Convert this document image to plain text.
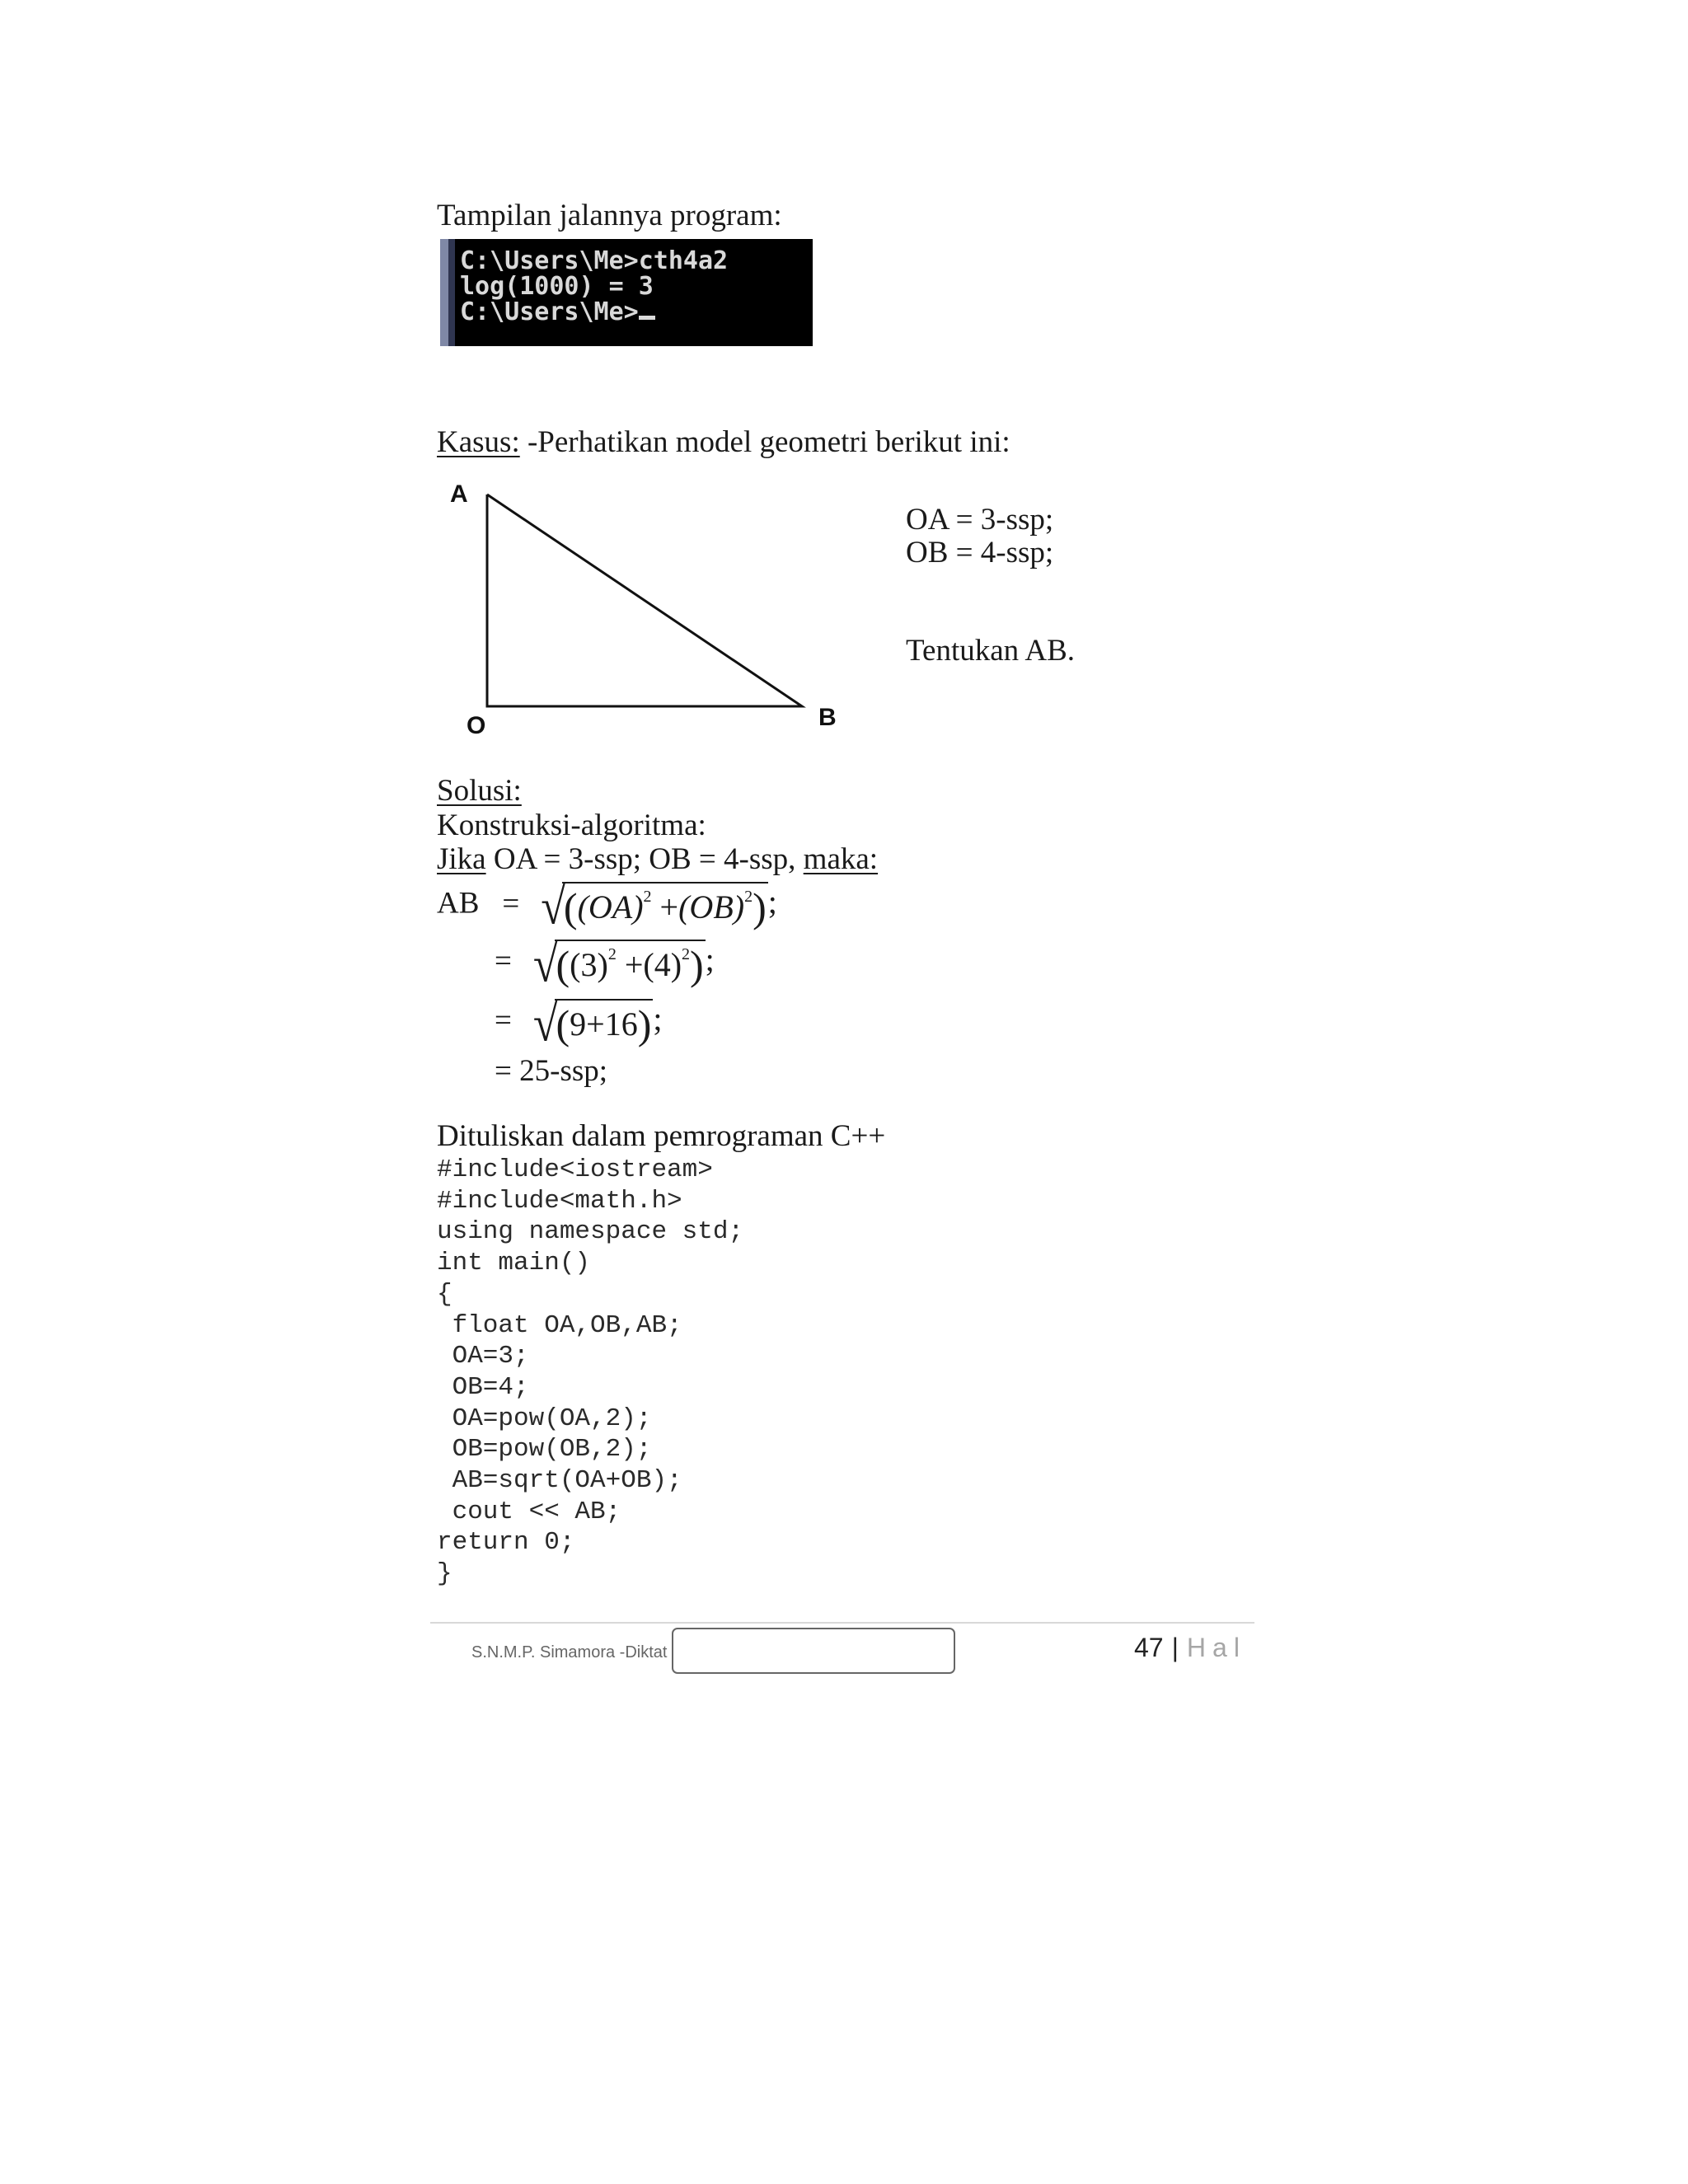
Tampilan jalannya program:
C:\Users\Me>cth4a2
log(1000) = 3
C:\Users\Me>
Kasus: -Perhatikan model geometri berikut ini:
A
O	B
OA = 3-ssp;
OB = 4-ssp;
Tentukan AB.
Solusi:
Konstruksi-algoritma:
Jika OA = 3-ssp; OB = 4-ssp, maka:
AB = √((OA)$^2$ +(OB)$^2$);
= $√((3)^2 +(4)^2)$;
= √(9+16);
= 25-ssp;
Dituliskan dalam pemrograman C++
#include<iostream>
#include<math.h>
using namespace std;
int main()
{
float OA,OB,AB;
OA=3;
OB=4;
OA=pow(OA,2);
OB=pow(OB,2);
AB=sqrt(OA+OB);
cout << AB;
return 0;
}
S.N.M.P. Simamora -Diktat	47 | Hal
